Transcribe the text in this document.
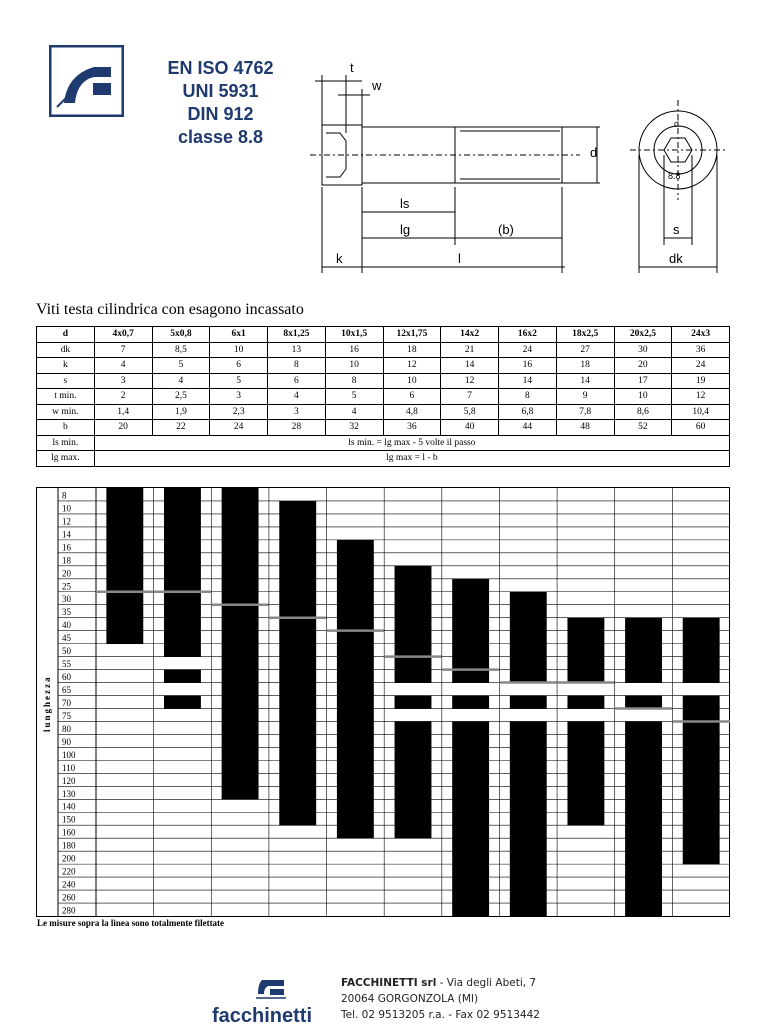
EN ISO 4762
UNI 5931
DIN 912
classe 8.8
t
w
d
ls
lg	(b)
k	l
s
dk
8.8
d
Viti testa cilindrica con esagono incassato
d	4x0,7	5x0,8	6x1	8x1,25	10x1,5	12x1,75	14x2	16x2	18x2,5	20x2,5	24x3
dk	7	8,5	10	13	16	18	21	24	27	30	36
k	4	5	6	8	10	12	14	16	18	20	24
s	3	4	5	6	8	10	12	14	14	17	19
t min.	2	2,5	3	4	5	6	7	8	9	10	12
w min.	1,4	1,9	2,3	3	4	4,8	5,8	6,8	7,8	8,6	10,4
b	20	22	24	28	32	36	40	44	48	52	60
ls min.	ls min. = lg max - 5 volte il passo										
lg max.	lg max = l - b										
8
10
12
14
16
18
20
25
30
35
40
45
50
55
60
65
70
75
80
90
100
110
120
130
140
150
160
180
200
220
240
260
280
lunghezza
Le misure sopra la linea sono totalmente filettate
facchinetti
FACCHINETTI srl - Via degli Abeti, 7
20064 GORGONZOLA (MI)
Tel. 02 9513205 r.a. - Fax 02 9513442
